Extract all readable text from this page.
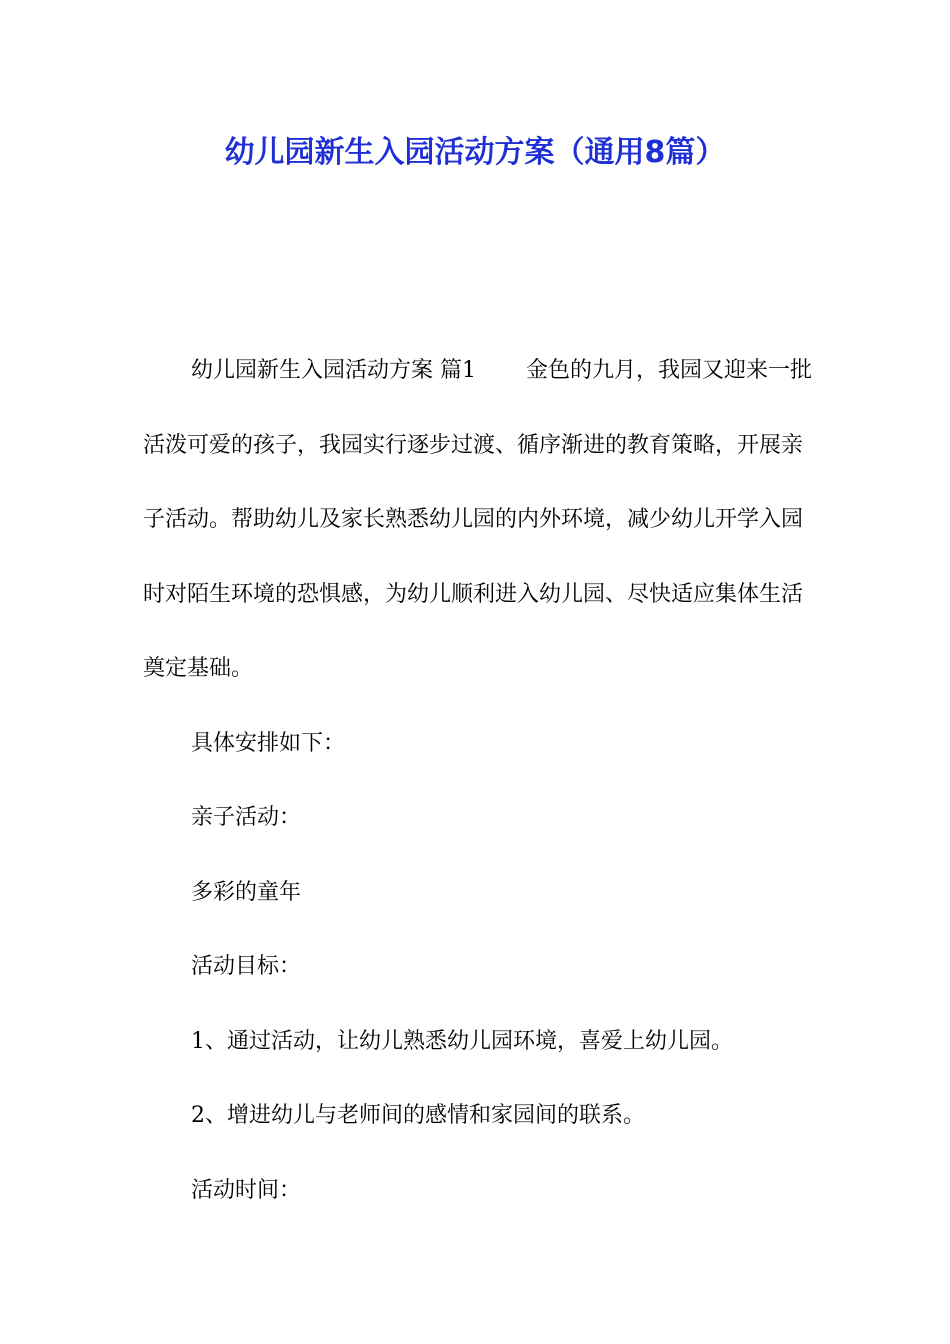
幼儿园新生入园活动方案（通用8篇）

幼儿园新生入园活动方案 篇1 金色的九月，我园又迎来一批活泼可爱的孩子，我园实行逐步过渡、循序渐进的教育策略，开展亲子活动。帮助幼儿及家长熟悉幼儿园的内外环境，减少幼儿开学入园时对陌生环境的恐惧感，为幼儿顺利进入幼儿园、尽快适应集体生活奠定基础。

具体安排如下：

亲子活动：

多彩的童年

活动目标：

1、通过活动，让幼儿熟悉幼儿园环境，喜爱上幼儿园。

2、增进幼儿与老师间的感情和家园间的联系。

活动时间：
